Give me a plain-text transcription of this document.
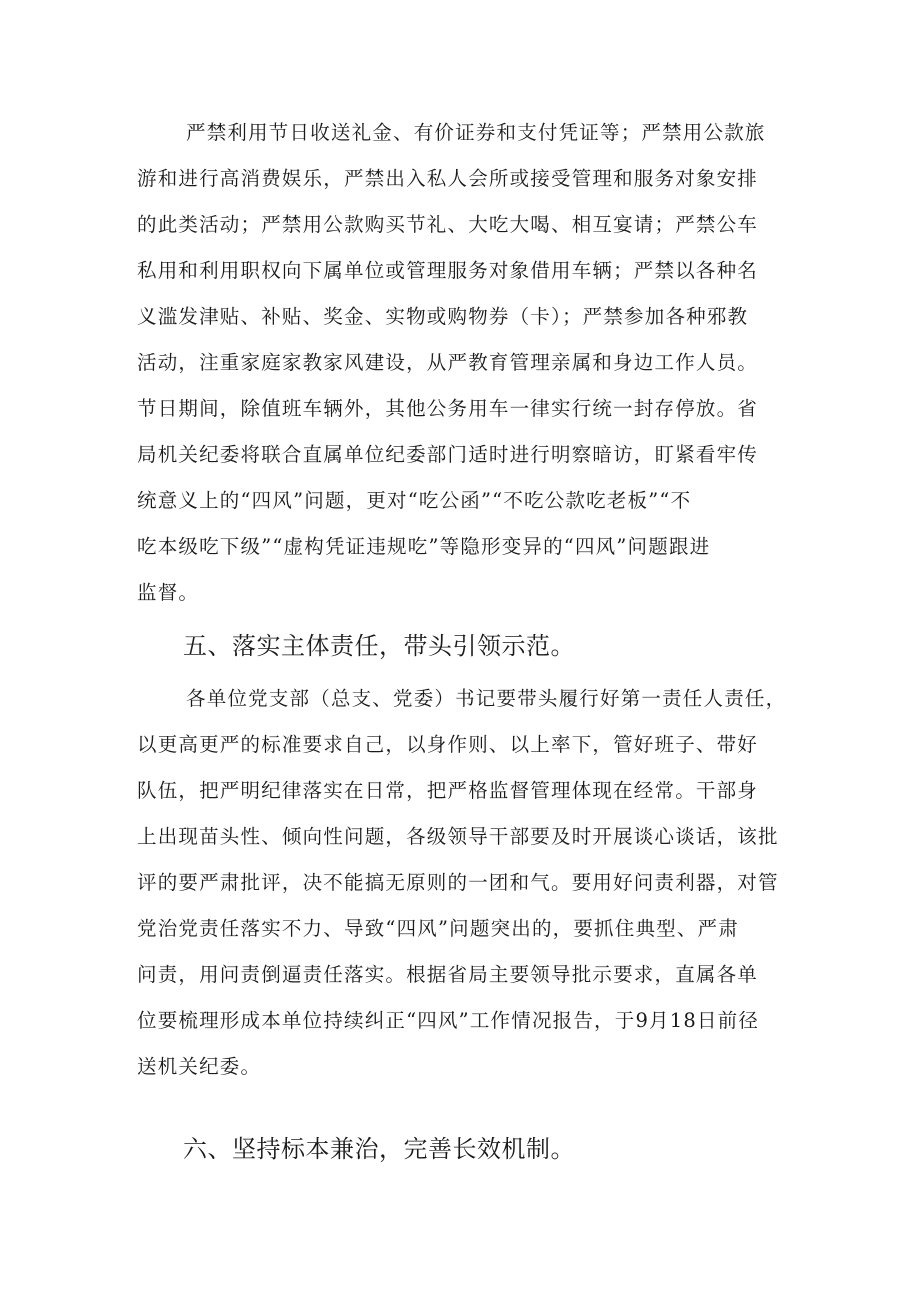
严禁利用节日收送礼金、有价证券和支付凭证等；严禁用公款旅

游和进行高消费娱乐，严禁出入私人会所或接受管理和服务对象安排

的此类活动；严禁用公款购买节礼、大吃大喝、相互宴请；严禁公车

私用和利用职权向下属单位或管理服务对象借用车辆；严禁以各种名

义滥发津贴、补贴、奖金、实物或购物券（卡）；严禁参加各种邪教

活动，注重家庭家教家风建设，从严教育管理亲属和身边工作人员。

节日期间，除值班车辆外，其他公务用车一律实行统一封存停放。省

局机关纪委将联合直属单位纪委部门适时进行明察暗访，盯紧看牢传

统意义上的“四风”问题，更对“吃公函”“不吃公款吃老板”“不

吃本级吃下级”“虚构凭证违规吃”等隐形变异的“四风”问题跟进

监督。

五、落实主体责任，带头引领示范。

各单位党支部（总支、党委）书记要带头履行好第一责任人责任，

以更高更严的标准要求自己，以身作则、以上率下，管好班子、带好

队伍，把严明纪律落实在日常，把严格监督管理体现在经常。干部身

上出现苗头性、倾向性问题，各级领导干部要及时开展谈心谈话，该批

评的要严肃批评，决不能搞无原则的一团和气。要用好问责利器，对管

党治党责任落实不力、导致“四风”问题突出的，要抓住典型、严肃

问责，用问责倒逼责任落实。根据省局主要领导批示要求，直属各单

位要梳理形成本单位持续纠正“四风”工作情况报告，于9月18日前径

送机关纪委。

六、坚持标本兼治，完善长效机制。
